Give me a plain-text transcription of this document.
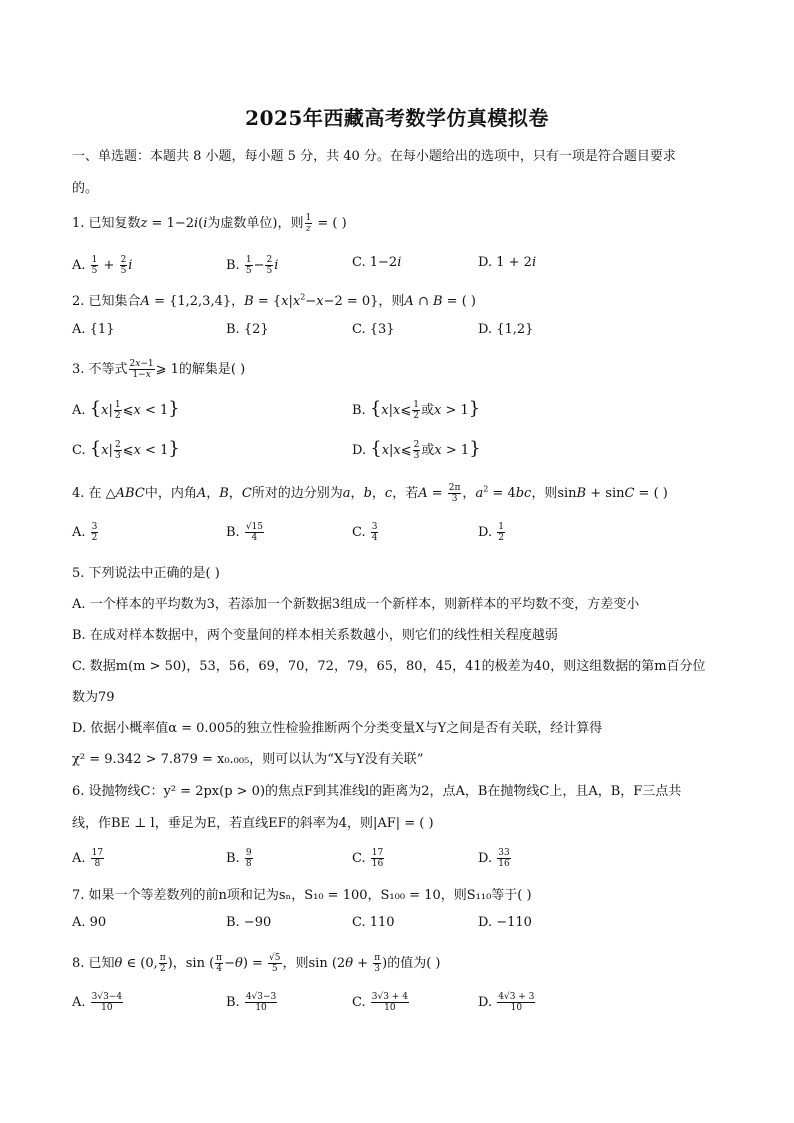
2025年西藏高考数学仿真模拟卷
一、单选题：本题共 8 小题，每小题 5 分，共 40 分。在每小题给出的选项中，只有一项是符合题目要求
的。
1. 已知复数z = 1−2i(i为虚数单位)，则 $\frac{1}{z}$ = ( )
A. $\frac{1}{5} + \frac{2}{5}$ i	B. $\frac{1}{5} - \frac{2}{5}$ i	C. 1−2i	D. 1 + 2i
2. 已知集合A = {1,2,3,4}，$B = \{x|x^2-x-2 = 0\}$，则A ∩ B = ( )
A. {1}	B. {2}	C. {3}	D. {1,2}
3. 不等式 $\frac{2x-1}{1-x}$ ⩾ 1的解集是( )
A. {$x| \frac{1}{2}$ ⩽x < 1}	B. {x|x⩽ $\frac{1}{2}$ 或x > 1}
C. {$x| \frac{2}{3}$ ⩽x < 1}	D. {x|x⩽ $\frac{2}{3}$ 或x > 1}
4. 在 △ABC中，内角A，B，C所对的边分别为a，b，c，若$A = \frac{2\pi}{3}$ ，$a^2 = 4bc$，则sinB + sinC = ( )
A. $\frac{3}{2}$	B. $\frac{√15}{4}$	C. $\frac{3}{4}$	D. $\frac{1}{2}$
5. 下列说法中正确的是( )
A. 一个样本的平均数为3，若添加一个新数据3组成一个新样本，则新样本的平均数不变，方差变小
B. 在成对样本数据中，两个变量间的样本相关系数越小，则它们的线性相关程度越弱
C. 数据m(m > 50)，53，56，69，70，72，79，65，80，45，41的极差为40，则这组数据的第m百分位
数为79
D. 依据小概率值α = 0.005的独立性检验推断两个分类变量X与Y之间是否有关联，经计算得
χ² = 9.342 > 7.879 = x₀.₀₀₅，则可以认为“X与Y没有关联”
6. 设抛物线C：y² = 2px(p > 0)的焦点F到其准线l的距离为2，点A，B在抛物线C上，且A，B，F三点共
线，作BE ⊥ l，垂足为E，若直线EF的斜率为4，则|AF| = ( )
A. $\frac{17}{8}$	B. $\frac{9}{8}$	C. $\frac{17}{16}$	D. $\frac{33}{16}$
7. 如果一个等差数列的前n项和记为sₙ，S₁₀ = 100，S₁₀₀ = 10，则S₁₁₀等于( )
A. 90	B. −90	C. 110	D. −110
8. 已知θ ∈ (0, $\frac{\pi}{2}$ )，sin ( $\frac{\pi}{4} -\theta) = \frac{√5}{5}$ ，则$\sin (2\theta + \frac{\pi}{3}$ )的值为( )
A. $\frac{3√3-4}{10}$	B. $\frac{4√3-3}{10}$	C. $\frac{3√3 + 4}{10}$	D. $\frac{4√3 + 3}{10}$
